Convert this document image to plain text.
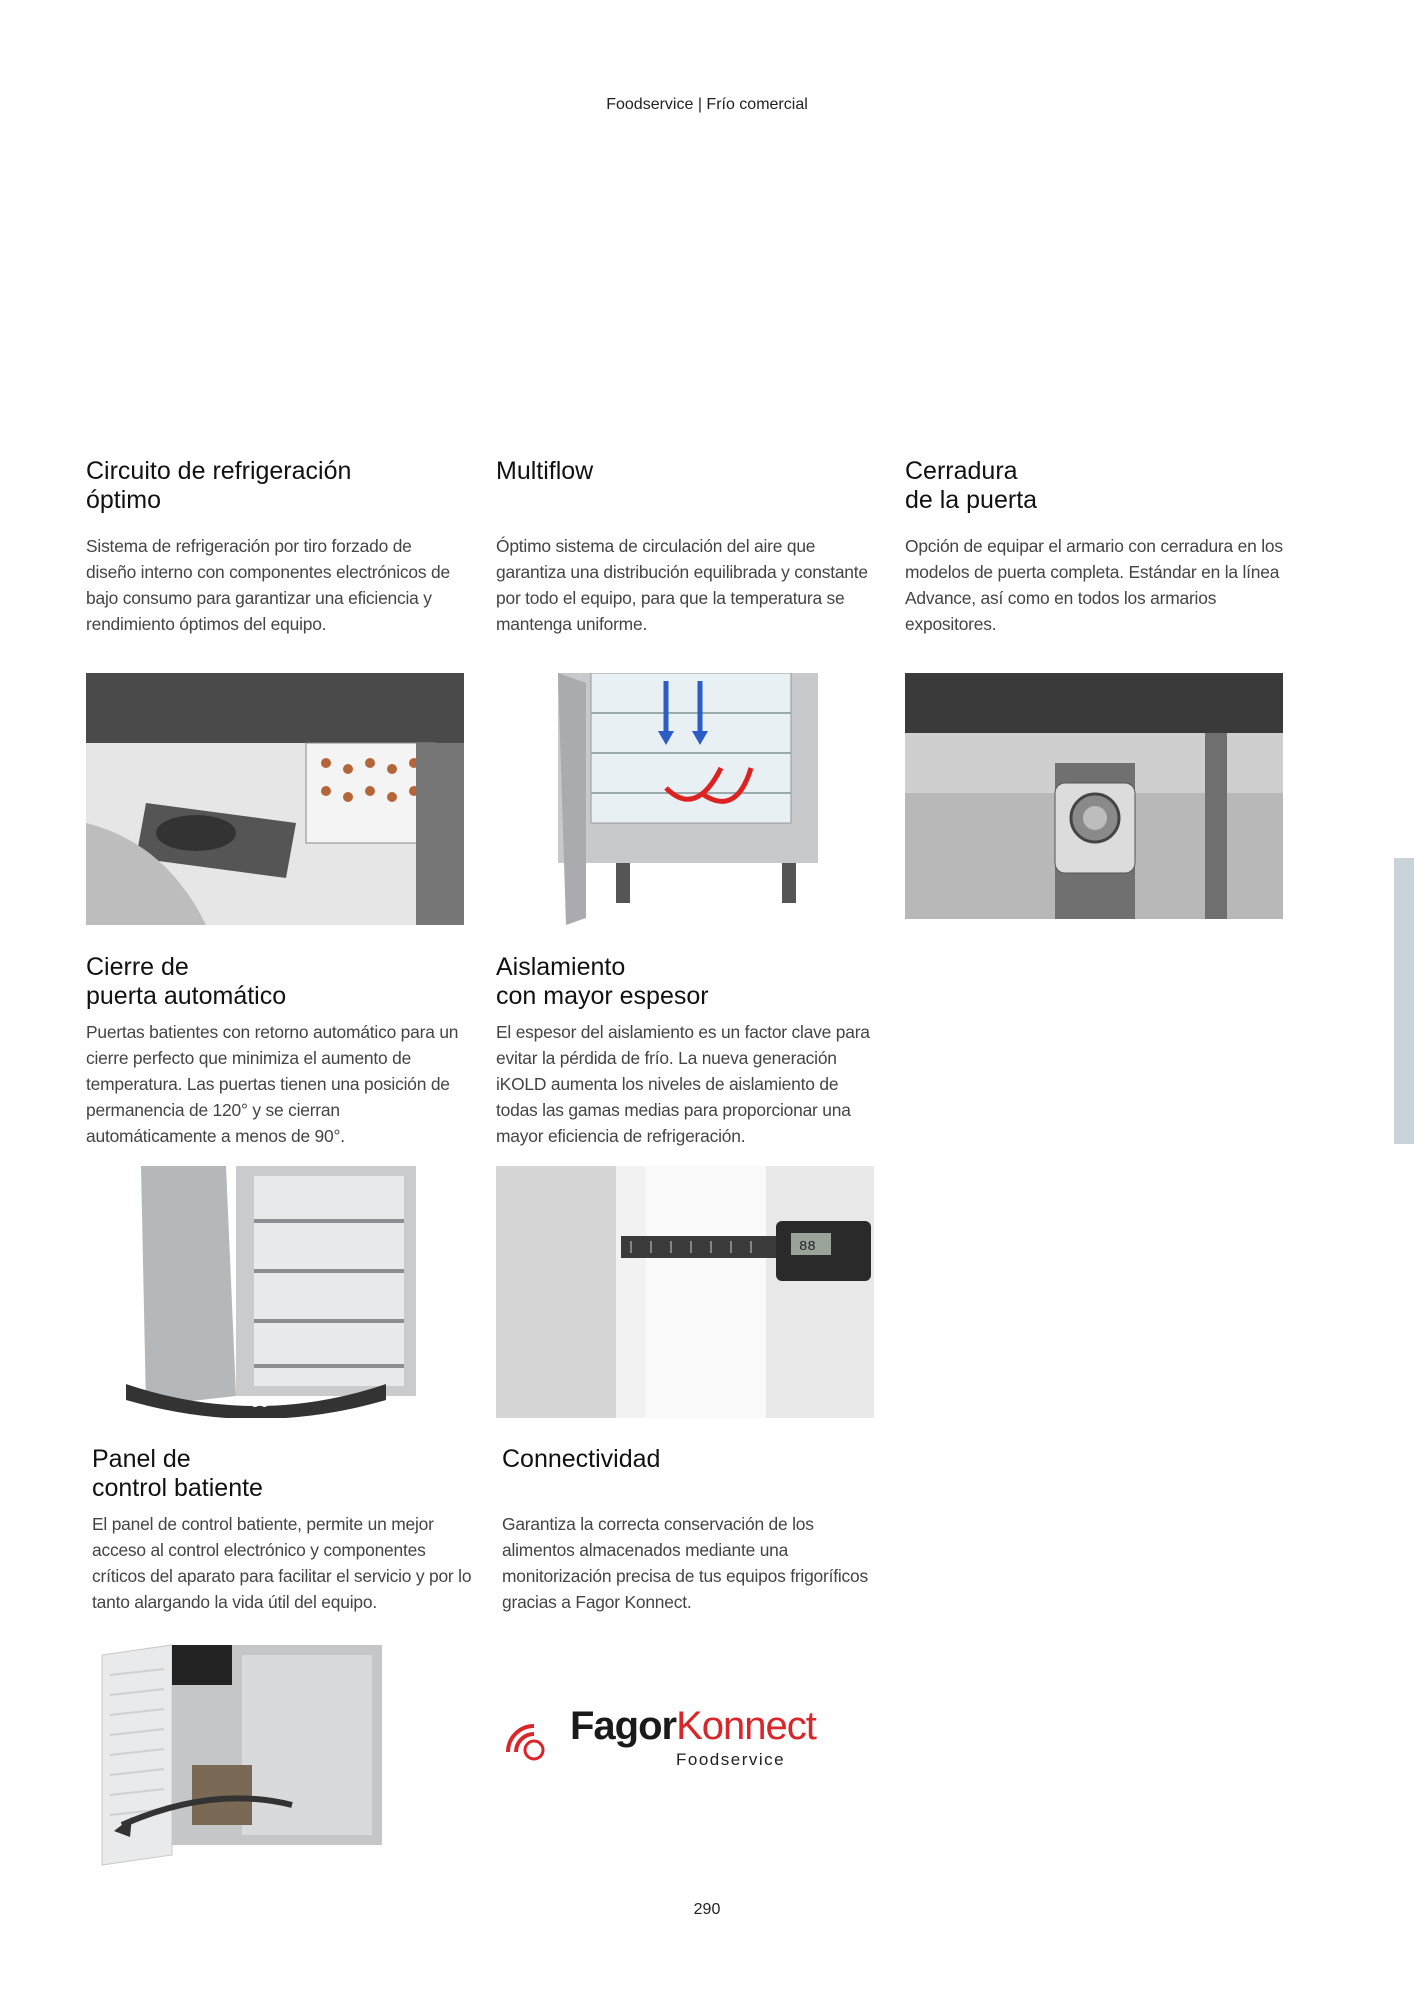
Foodservice | Frío comercial
Circuito de refrigeración
óptimo

Sistema de refrigeración por tiro forzado de diseño interno con componentes electrónicos de bajo consumo para garantizar una eficiencia y rendimiento óptimos del equipo.

Multiflow

Óptimo sistema de circulación del aire que garantiza una distribución equilibrada y constante por todo el equipo, para que la temperatura se mantenga uniforme.

Cerradura
de la puerta

Opción de equipar el armario con cerradura en los modelos de puerta completa. Estándar en la línea Advance, así como en todos los armarios expositores.

Cierre de
puerta automático

Puertas batientes con retorno automático para un cierre perfecto que minimiza el aumento de temperatura. Las puertas tienen una posición de permanencia de 120° y se cierran automáticamente a menos de 90°.

Aislamiento
con mayor espesor

El espesor del aislamiento es un factor clave para evitar la pérdida de frío. La nueva generación iKOLD aumenta los niveles de aislamiento de todas las gamas medias para proporcionar una mayor eficiencia de refrigeración.

90°
88
Panel de
control batiente

El panel de control batiente, permite un mejor acceso al control electrónico y componentes críticos del aparato para facilitar el servicio y por lo tanto alargando la vida útil del equipo.

Connectividad

Garantiza la correcta conservación de los alimentos almacenados mediante una monitorización precisa de tus equipos frigoríficos gracias a Fagor Konnect.

FagorKonnect
Foodservice
290
